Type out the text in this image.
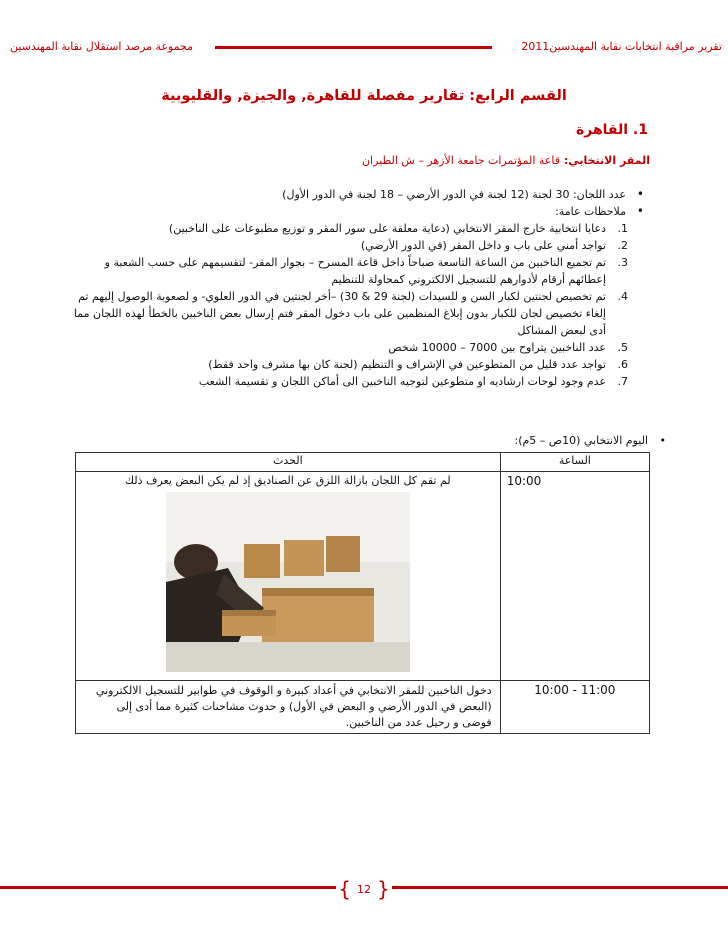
تقرير مراقبة انتخابات نقابة المهندسين2011
مجموعة مرصد استقلال نقابة المهندسين
القسم الرابع: تقارير مفصلة للقاهرة, والجيزة, والقليوبية
1. القاهرة
المقر الانتخابي: قاعة المؤتمرات جامعة الأزهر – ش الطيران
• عدد اللجان: 30 لجنة (12 لجنة في الدور الأرضي – 18 لجنة في الدور الأول)
• ملاحظات عامة:
1.
دعايا انتخابية خارج المقر الانتخابي (دعاية معلقة على سور المقر و توزيع مطبوعات على الناخبين)
2.
تواجد أمني على باب و داخل المقر (في الدور الأرضي)
3.
تم تجميع الناخبين من الساعة التاسعة صباحاً داخل قاعة المسرح – بجوار المقر- لتقسيمهم على حسب الشعبة و إعطائهم أرقام لأدوارهم للتسجيل الالكتروني كمحاولة للتنظيم
4.
تم تخصيص لجنتين لكبار السن و للسيدات (لجنة 29 & 30) –أخر لجنتين في الدور العلوي- و لصعوبة الوصول إليهم تم إلغاء تخصيص لجان للكبار بدون إبلاغ المنظمين على باب دخول المقر فتم إرسال بعض الناخبين بالخطأ لهذه اللجان مما أدى لبعض المشاكل
5.
عدد الناخبين يتراوح بين 7000 – 10000 شخص
6.
تواجد عدد قليل من المتطوعين في الإشراف و التنظيم (لجنة كان بها مشرف واحد فقط)
7.
عدم وجود لوحات ارشاديه او متطوعين لتوجيه الناخبين الى أماكن اللجان و تقسيمة الشعب
• اليوم الانتخابي (10ص – 5م):
الساعة	الحدث
10:00	لم تقم كل اللجان بازالة اللزق عن الصناديق إذ لم يكن البعض يعرف ذلك

10:00 - 11:00	دخول الناخبين للمقر الانتخابي في أعداد كبيرة و الوقوف في طوابير للتسجيل الالكتروني (البعض في الدور الأرضي و البعض في الأول) و حدوث مشاحنات كثيرة مما أدى إلى فوضى و رحيل عدد من الناخبين.
{ 12 }
